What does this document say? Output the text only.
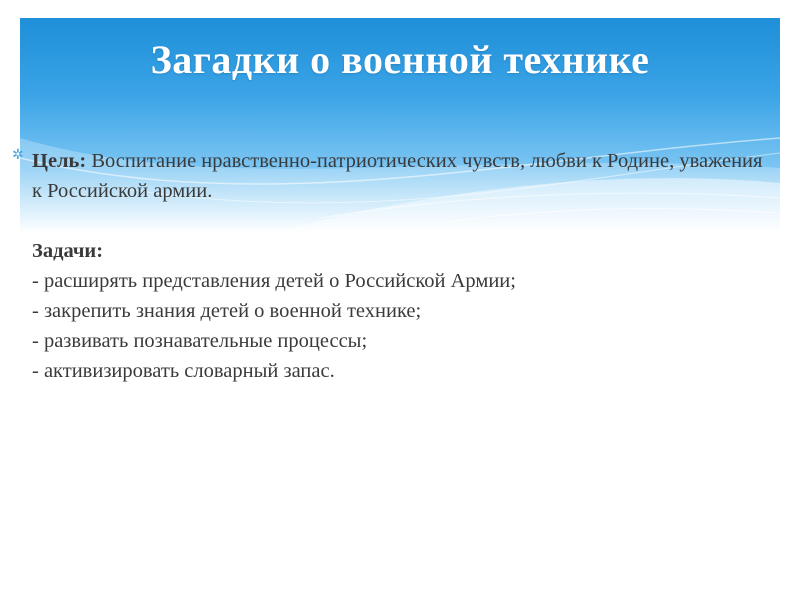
Загадки о военной технике
✲ Цель: Воспитание нравственно-патриотических чувств, любви к Родине, уважения к Российской армии.

Задачи:

- расширять представления детей о Российской Армии;

- закрепить знания детей о военной технике;

- развивать познавательные процессы;

- активизировать словарный запас.
